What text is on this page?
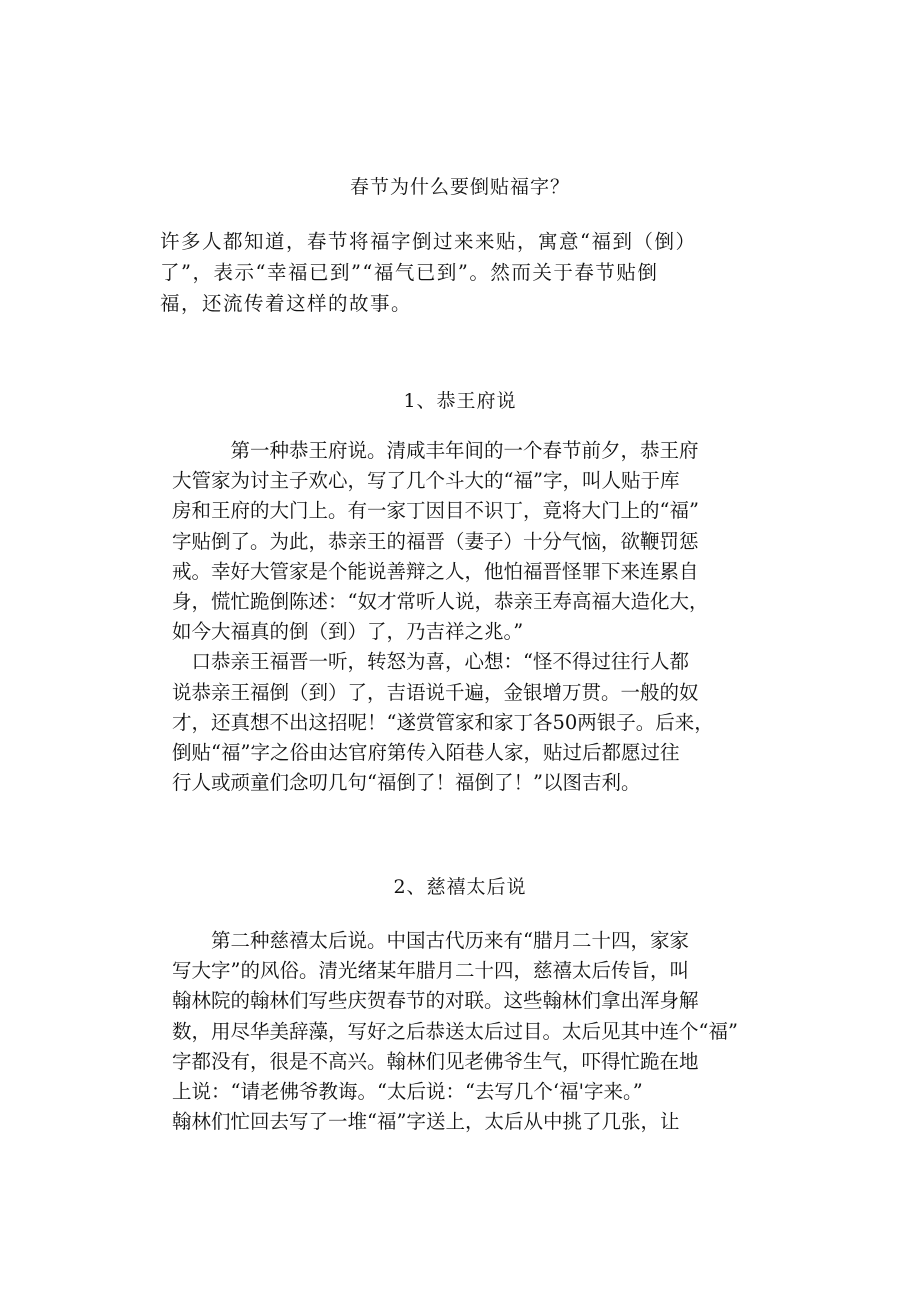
春节为什么要倒贴福字？
许多人都知道，春节将福字倒过来来贴，寓意“福到（倒）
了”，表示“幸福已到”“福气已到”。然而关于春节贴倒
福，还流传着这样的故事。
1、恭王府说
　　　第一种恭王府说。清咸丰年间的一个春节前夕，恭王府
大管家为讨主子欢心，写了几个斗大的“福”字，叫人贴于库
房和王府的大门上。有一家丁因目不识丁，竟将大门上的“福”
字贴倒了。为此，恭亲王的福晋（妻子）十分气恼，欲鞭罚惩
戒。幸好大管家是个能说善辩之人，他怕福晋怪罪下来连累自
身，慌忙跪倒陈述：“奴才常听人说，恭亲王寿高福大造化大，
如今大福真的倒（到）了，乃吉祥之兆。”
　口恭亲王福晋一听，转怒为喜，心想：“怪不得过往行人都
说恭亲王福倒（到）了，吉语说千遍，金银增万贯。一般的奴
才，还真想不出这招呢！“遂赏管家和家丁各50两银子。后来，
倒贴“福”字之俗由达官府第传入陌巷人家，贴过后都愿过往
行人或顽童们念叨几句“福倒了！福倒了！”以图吉利。
2、慈禧太后说
　　第二种慈禧太后说。中国古代历来有“腊月二十四，家家
写大字”的风俗。清光绪某年腊月二十四，慈禧太后传旨，叫
翰林院的翰林们写些庆贺春节的对联。这些翰林们拿出浑身解
数，用尽华美辞藻，写好之后恭送太后过目。太后见其中连个“福”
字都没有，很是不高兴。翰林们见老佛爷生气，吓得忙跪在地
上说：“请老佛爷教诲。“太后说：“去写几个‘福'字来。”
翰林们忙回去写了一堆“福”字送上，太后从中挑了几张，让
